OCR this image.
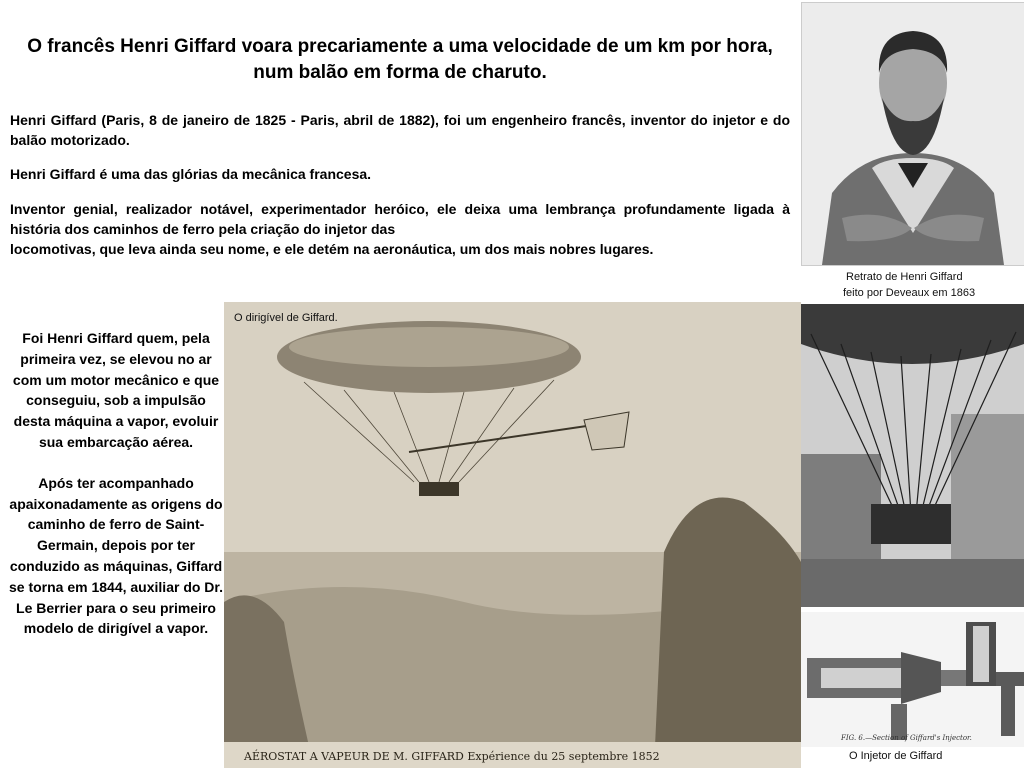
O francês Henri Giffard voara precariamente a uma velocidade de um km por hora, num balão em forma de charuto.

Henri Giffard (Paris, 8 de janeiro de 1825 - Paris, abril de 1882), foi um engenheiro francês, inventor do injetor e do balão motorizado.

Henri Giffard é uma das glórias da mecânica francesa.

Inventor genial, realizador notável, experimentador heróico, ele deixa uma lembrança profundamente ligada à história dos caminhos de ferro pela criação do injetor das
locomotivas, que leva ainda seu nome, e ele detém na aeronáutica, um dos mais nobres lugares.

Foi Henri Giffard quem, pela primeira vez, se elevou no ar com um motor mecânico e que conseguiu, sob a impulsão desta máquina a vapor, evoluir sua embarcação aérea.

Após ter acompanhado apaixonadamente as origens do caminho de ferro de Saint-Germain, depois por ter conduzido as máquinas, Giffard se torna em 1844, auxiliar do Dr. Le Berrier para o seu primeiro modelo de dirigível a vapor.

Retrato de Henri Giffard
feito por Deveaux em 1863
AÉROSTAT A VAPEUR DE M. GIFFARD Expérience du 25 septembre 1852
O dirigível de Giffard.
FIG. 6.—Section of Giffard's Injector.
O Injetor de Giffard
